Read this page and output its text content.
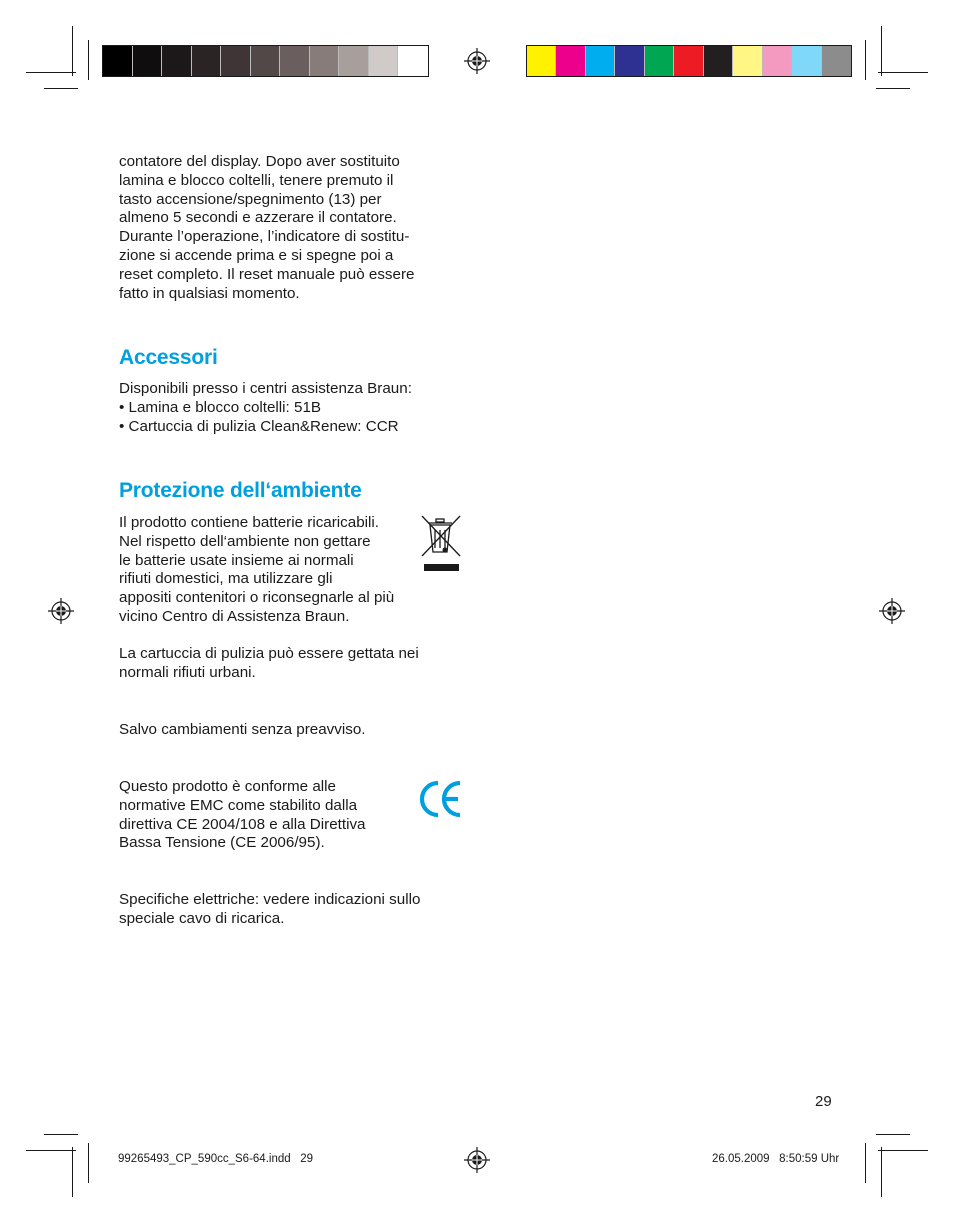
contatore del display. Dopo aver sostituito

lamina e blocco coltelli, tenere premuto il

tasto accensione/spegnimento (13) per

almeno 5 secondi e azzerare il contatore.

Durante l’operazione, l’indicatore di sostitu-

zione si accende prima e si spegne poi a

reset completo. Il reset manuale può essere

fatto in qualsiasi momento.

Accessori

Disponibili presso i centri assistenza Braun:

• Lamina e blocco coltelli: 51B

• Cartuccia di pulizia Clean&Renew: CCR

Protezione dell‘ambiente

Il prodotto contiene batterie ricaricabili.

Nel rispetto dell‘ambiente non gettare

le batterie usate insieme ai normali

rifiuti domestici, ma utilizzare gli

appositi contenitori o riconsegnarle al più

vicino Centro di Assistenza Braun.

La cartuccia di pulizia può essere gettata nei

normali rifiuti urbani.

Salvo cambiamenti senza preavviso.

Questo prodotto è conforme alle

normative EMC come stabilito dalla

direttiva CE 2004/108 e alla Direttiva

Bassa Tensione (CE 2006/95).

Specifiche elettriche: vedere indicazioni sullo

speciale cavo di ricarica.

29
99265493_CP_590cc_S6-64.indd   29	26.05.2009   8:50:59 Uhr
